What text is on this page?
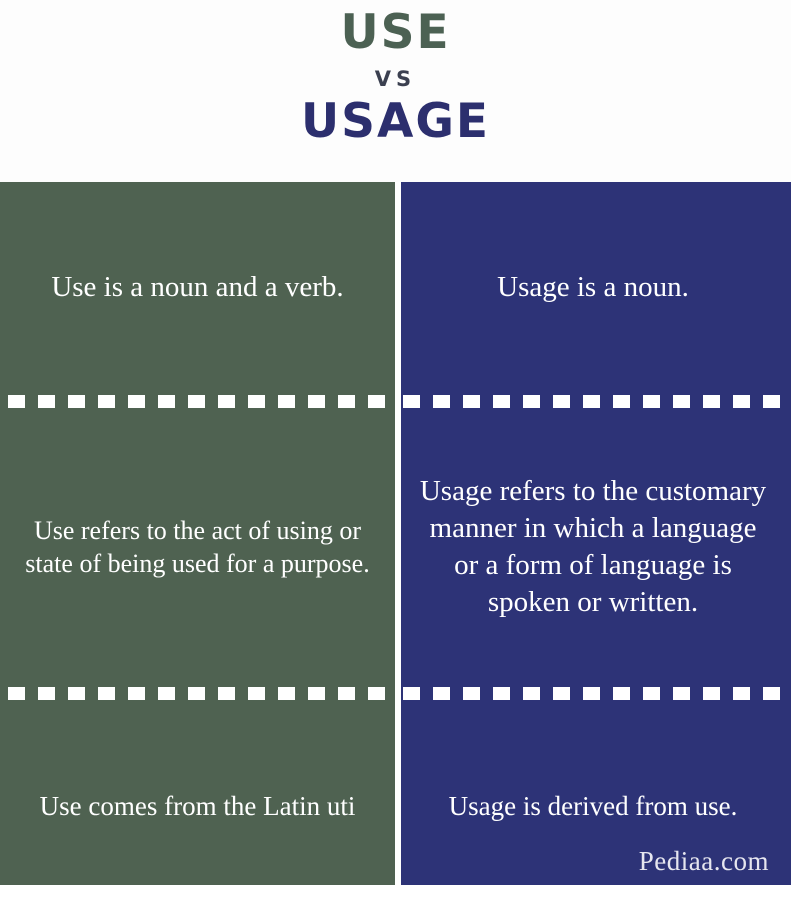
USE
VS
USAGE

Use is a noun and a verb.

Use refers to the act of using or state of being used for a purpose.

Use comes from the Latin uti

Usage is a noun.

Usage refers to the customary manner in which a language or a form of language is spoken or written.

Usage is derived from use.

Pediaa.com
